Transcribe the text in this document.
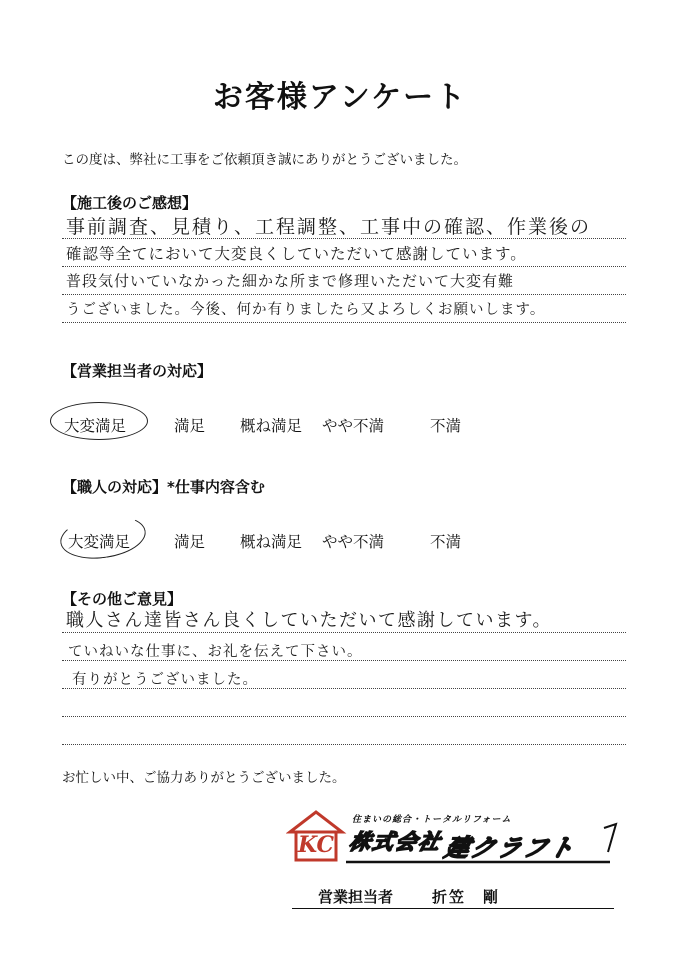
お客様アンケート
この度は、弊社に工事をご依頼頂き誠にありがとうございました。
【施工後のご感想】
事前調査、見積り、工程調整、工事中の確認、作業後の
確認等全てにおいて大変良くしていただいて感謝しています。
普段気付いていなかった細かな所まで修理いただいて大変有難
うございました。今後、何か有りましたら又よろしくお願いします。
【営業担当者の対応】
大変満足	満足 概ね満足 やや不満	不満
【職人の対応】*仕事内容含む
大変満足	満足 概ね満足 やや不満	不満
【その他ご意見】
職人さん達皆さん良くしていただいて感謝しています。
ていねいな仕事に、お礼を伝えて下さい。
有りがとうございました。
お忙しい中、ご協力ありがとうございました。
KC
住まいの総合・トータルリフォーム
株式会社
建クラフト
営業担当者	折笠　剛
